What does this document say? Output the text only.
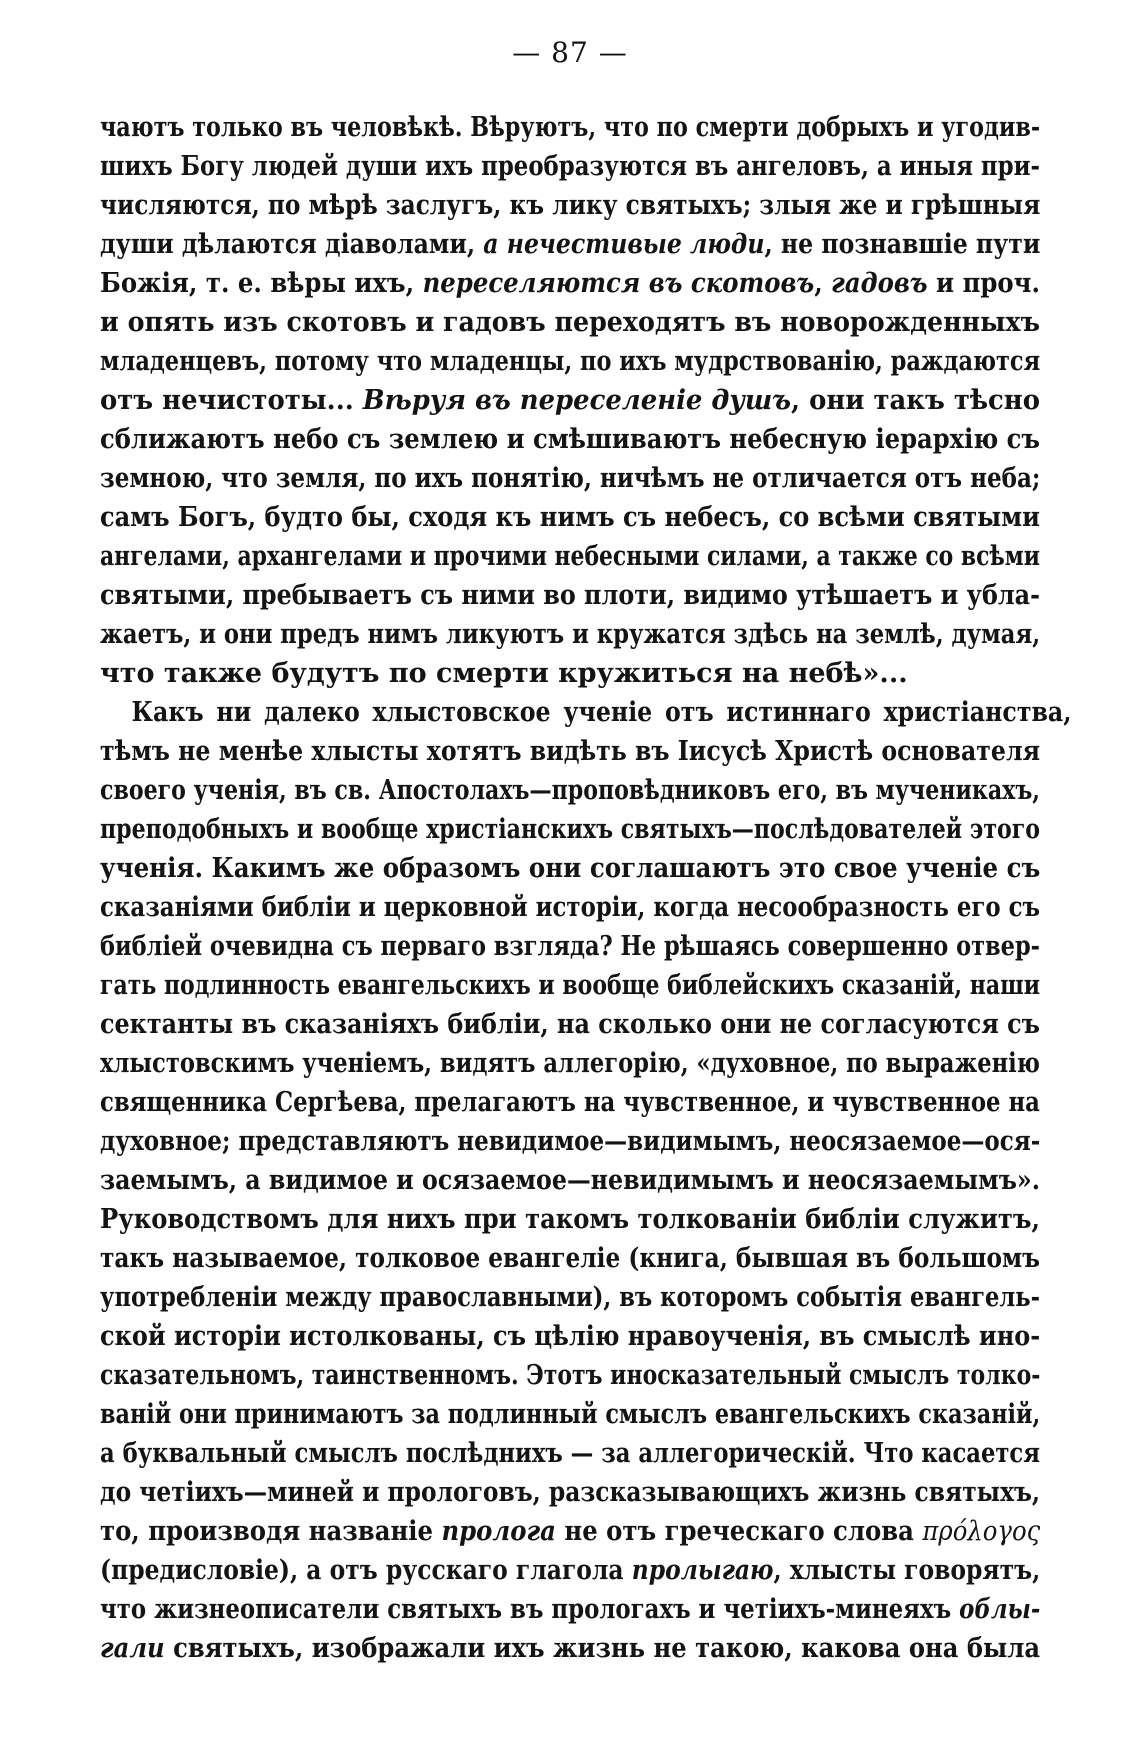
— 87 —
чаютъ только въ человѣкѣ. Вѣруютъ, что по смерти добрыхъ и угодив-
шихъ Богу людей души ихъ преобразуются въ ангеловъ, а иныя при-
числяются, по мѣрѣ заслугъ, къ лику святыхъ; злыя же и грѣшныя
души дѣлаются діаволами, а нечестивые люди, не познавшіе пути
Божія, т. е. вѣры ихъ, переселяются въ скотовъ, гадовъ и проч.
и опять изъ скотовъ и гадовъ переходятъ въ новорожденныхъ
младенцевъ, потому что младенцы, по ихъ мудрствованію, раждаются
отъ нечистоты... Вѣруя въ переселеніе душъ, они такъ тѣсно
сближаютъ небо съ землею и смѣшиваютъ небесную іерархію съ
земною, что земля, по ихъ понятію, ничѣмъ не отличается отъ неба;
самъ Богъ, будто бы, сходя къ нимъ съ небесъ, со всѣми святыми
ангелами, архангелами и прочими небесными силами, а также со всѣми
святыми, пребываетъ съ ними во плоти, видимо утѣшаетъ и ублa-
жаетъ, и они предъ нимъ ликуютъ и кружатся здѣсь на землѣ, думая,
что также будутъ по смерти кружиться на небѣ»...
Какъ ни далеко хлыстовское ученіе отъ истиннаго христіанства,
тѣмъ не менѣе хлысты хотятъ видѣть въ Іисусѣ Христѣ основателя
своего ученія, въ св. Апостолахъ—проповѣдниковъ его, въ мученикахъ,
преподобныхъ и вообще христіанскихъ святыхъ—послѣдователей этого
ученія. Какимъ же образомъ они соглашаютъ это свое ученіе съ
сказаніями библіи и церковной исторіи, когда несообразность его съ
библіей очевидна съ перваго взгляда? Не рѣшаясь совершенно отвер-
гать подлинность евангельскихъ и вообще библейскихъ сказаній, наши
сектанты въ сказаніяхъ библіи, на сколько они не согласуются съ
хлыстовскимъ ученіемъ, видятъ аллегорію, «духовное, по выраженію
священника Сергѣева, прелагаютъ на чувственное, и чувственное на
духовное; представляютъ невидимое—видимымъ, неосязаемое—ося-
заемымъ, а видимое и осязаемое—невидимымъ и неосязаемымъ».
Руководствомъ для нихъ при такомъ толкованіи библіи служитъ,
такъ называемое, толковое евангеліе (книга, бывшая въ большомъ
употребленіи между православными), въ которомъ событія евангель-
ской исторіи истолкованы, съ цѣлію нравоученія, въ смыслѣ ино-
сказательномъ, таинственномъ. Этотъ иносказательный смыслъ толко-
ваній они принимаютъ за подлинный смыслъ евангельскихъ сказаній,
а буквальный смыслъ послѣднихъ — за аллегорическій. Что касается
до четіихъ—миней и прологовъ, разсказывающихъ жизнь святыхъ,
то, производя названіе пролога не отъ греческаго слова πρόλογος
(предисловіе), а отъ русскаго глагола пролыгаю, хлысты говорятъ,
что жизнеописатели святыхъ въ прологахъ и четіихъ-минеяхъ облы-
гали святыхъ, изображали ихъ жизнь не такою, какова она была
